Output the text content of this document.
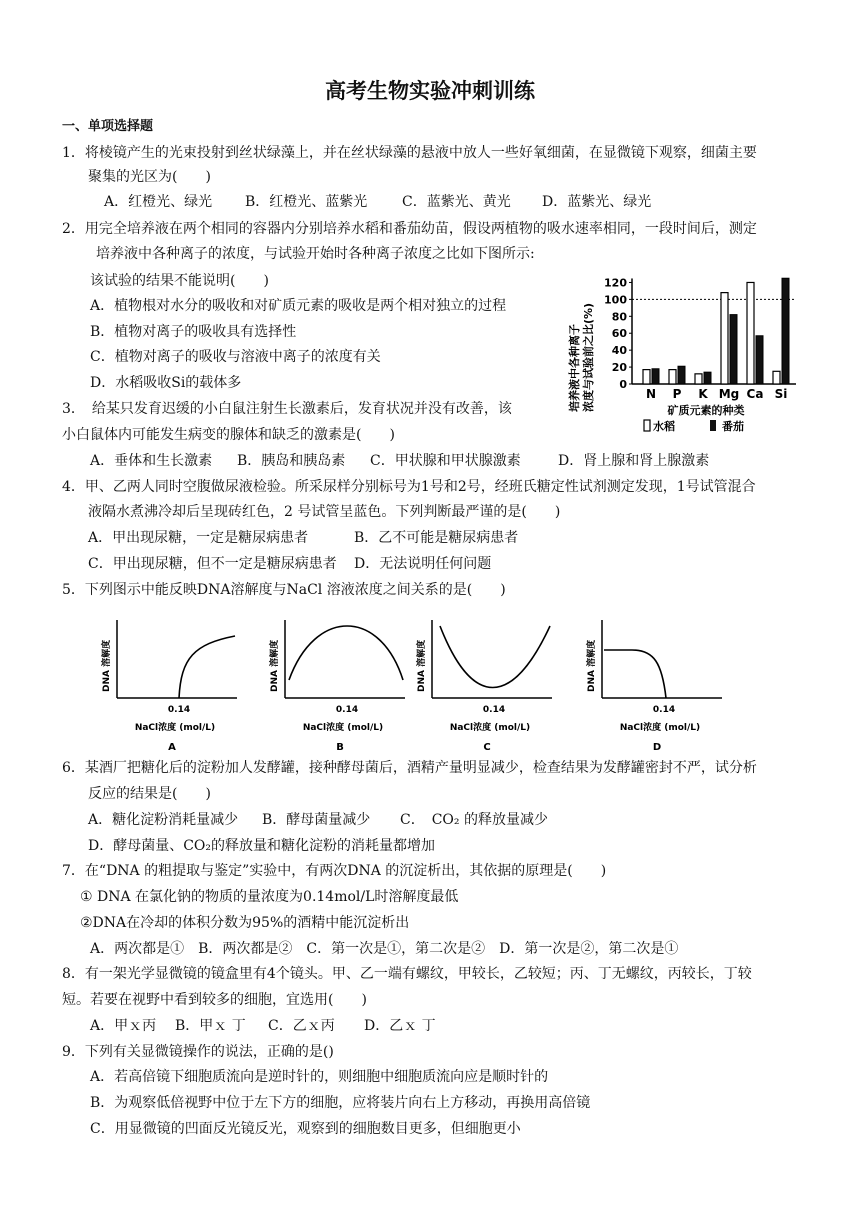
高考生物实验冲刺训练
一、单项选择题
1．将棱镜产生的光束投射到丝状绿藻上，并在丝状绿藻的悬液中放人一些好氧细菌，在显微镜下观察，细菌主要
聚集的光区为(　　)
A．红橙光、绿光 B．红橙光、蓝紫光 C．蓝紫光、黄光 D．蓝紫光、绿光
2．用完全培养液在两个相同的容器内分别培养水稻和番茄幼苗，假设两植物的吸水速率相同，一段时间后，测定
培养液中各种离子的浓度，与试验开始时各种离子浓度之比如下图所示:
该试验的结果不能说明(　　)
A．植物根对水分的吸收和对矿质元素的吸收是两个相对独立的过程
B．植物对离子的吸收具有选择性
C．植物对离子的吸收与溶液中离子的浓度有关
D．水稻吸收Si的载体多	0
20
40
60
80
100
120
N P K Mg Ca Si
矿质元素的种类
培养液中各种离子 浓度与试验前之比(%)
水稻	番茄
3．　给某只发育迟缓的小白鼠注射生长激素后，发育状况并没有改善，该
小白鼠体内可能发生病变的腺体和缺乏的激素是(　　)
A．垂体和生长激素 B．胰岛和胰岛素 C．甲状腺和甲状腺激素	D．肾上腺和肾上腺激素
4．甲、乙两人同时空腹做尿液检验。所采尿样分别标号为1号和2号，经班氏糖定性试剂测定发现，1号试管混合
液隔水煮沸冷却后呈现砖红色，2 号试管呈蓝色。下列判断最严谨的是(　　)
A．甲出现尿糖，一定是糖尿病患者	B．乙不可能是糖尿病患者
C．甲出现尿糖，但不一定是糖尿病患者 D．无法说明任何问题
5．下列图示中能反映DNA溶解度与NaCl 溶液浓度之间关系的是(　　)
DNA 溶解度
0.14
NaCl浓度 (mol/L)
A
DNA 溶解度
0.14
NaCl浓度 (mol/L)
B
DNA 溶解度
0.14
NaCl浓度 (mol/L)
C
DNA 溶解度
0.14
NaCl浓度 (mol/L)
D
6．某酒厂把糖化后的淀粉加人发酵罐，接种酵母菌后，酒精产量明显减少，检查结果为发酵罐密封不严，试分析
反应的结果是(　　)
A．糖化淀粉消耗量减少 B．酵母菌量减少 C．　CO₂ 的释放量减少
D．酵母菌量、CO₂的释放量和糖化淀粉的消耗量都增加
7．在“DNA 的粗提取与鉴定”实验中，有两次DNA 的沉淀析出，其依据的原理是(　　)
① DNA 在氯化钠的物质的量浓度为0.14mol/L时溶解度最低
②DNA在冷却的体积分数为95%的酒精中能沉淀析出
A．两次都是①　B．两次都是②　C．第一次是①，第二次是②　D．第一次是②，第二次是①
8．有一架光学显微镜的镜盒里有4个镜头。甲、乙一端有螺纹，甲较长，乙较短；丙、丁无螺纹，丙较长，丁较
短。若要在视野中看到较多的细胞，宜选用(　　)
A．甲ｘ丙 B．甲ｘ 丁 C．乙ｘ丙 D．乙ｘ 丁
9．下列有关显微镜操作的说法，正确的是()
A．若高倍镜下细胞质流向是逆时针的，则细胞中细胞质流向应是顺时针的
B．为观察低倍视野中位于左下方的细胞，应将装片向右上方移动，再换用高倍镜
C．用显微镜的凹面反光镜反光，观察到的细胞数目更多，但细胞更小
